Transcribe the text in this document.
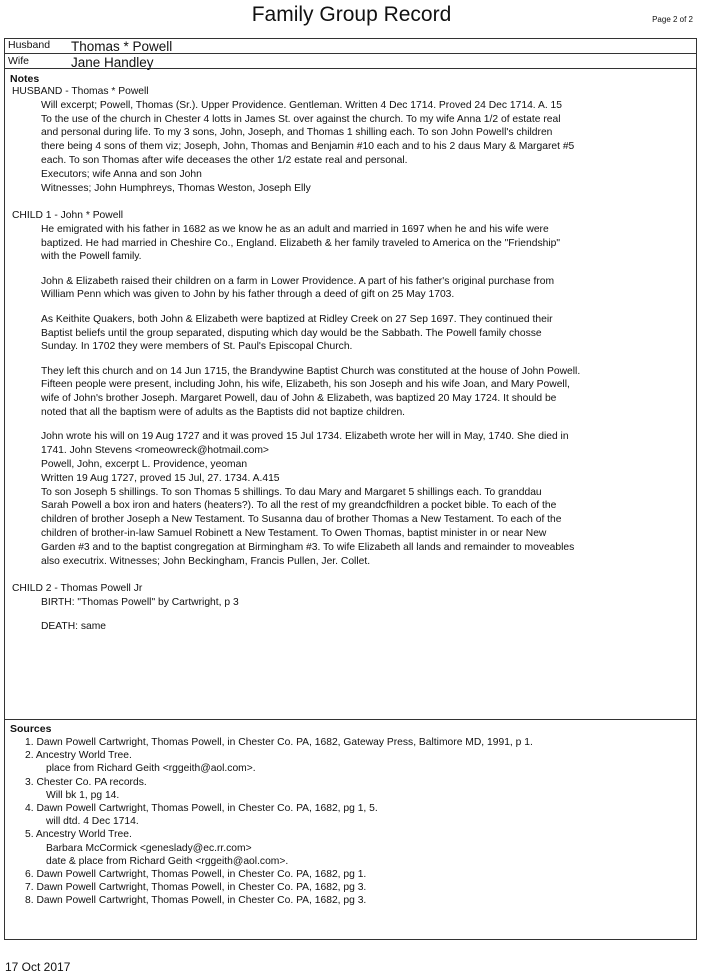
Family Group Record	Page 2 of 2
Husband Thomas * Powell
Wife	Jane Handley
Notes
HUSBAND - Thomas * Powell
Will excerpt; Powell, Thomas (Sr.). Upper Providence. Gentleman. Written 4 Dec 1714. Proved 24 Dec 1714. A. 15
To the use of the church in Chester 4 lotts in James St. over against the church. To my wife Anna 1/2 of estate real
and personal during life. To my 3 sons, John, Joseph, and Thomas 1 shilling each. To son John Powell's children
there being 4 sons of them viz; Joseph, John, Thomas and Benjamin #10 each and to his 2 daus Mary & Margaret #5
each. To son Thomas after wife deceases the other 1/2 estate real and personal.
Executors; wife Anna and son John
Witnesses; John Humphreys, Thomas Weston, Joseph Elly
CHILD 1 - John * Powell
He emigrated with his father in 1682 as we know he as an adult and married in 1697 when he and his wife were
baptized. He had married in Cheshire Co., England. Elizabeth & her family traveled to America on the "Friendship"
with the Powell family.
John & Elizabeth raised their children on a farm in Lower Providence. A part of his father's original purchase from
William Penn which was given to John by his father through a deed of gift on 25 May 1703.
As Keithite Quakers, both John & Elizabeth were baptized at Ridley Creek on 27 Sep 1697. They continued their
Baptist beliefs until the group separated, disputing which day would be the Sabbath. The Powell family chosse
Sunday. In 1702 they were members of St. Paul's Episcopal Church.
They left this church and on 14 Jun 1715, the Brandywine Baptist Church was constituted at the house of John Powell.
Fifteen people were present, including John, his wife, Elizabeth, his son Joseph and his wife Joan, and Mary Powell,
wife of John's brother Joseph. Margaret Powell, dau of John & Elizabeth, was baptized 20 May 1724. It should be
noted that all the baptism were of adults as the Baptists did not baptize children.
John wrote his will on 19 Aug 1727 and it was proved 15 Jul 1734. Elizabeth wrote her will in May, 1740. She died in
1741. John Stevens <romeowreck@hotmail.com>
Powell, John, excerpt L. Providence, yeoman
Written 19 Aug 1727, proved 15 Jul, 27. 1734. A.415
To son Joseph 5 shillings. To son Thomas 5 shillings. To dau Mary and Margaret 5 shillings each. To granddau
Sarah Powell a box iron and haters (heaters?). To all the rest of my greandcfhildren a pocket bible. To each of the
children of brother Joseph a New Testament. To Susanna dau of brother Thomas a New Testament. To each of the
children of brother-in-law Samuel Robinett a New Testament. To Owen Thomas, baptist minister in or near New
Garden #3 and to the baptist congregation at Birmingham #3. To wife Elizabeth all lands and remainder to moveables
also executrix. Witnesses; John Beckingham, Francis Pullen, Jer. Collet.
CHILD 2 - Thomas Powell Jr
BIRTH: "Thomas Powell" by Cartwright, p 3
DEATH: same
Sources
1. Dawn Powell Cartwright, Thomas Powell, in Chester Co. PA, 1682, Gateway Press, Baltimore MD, 1991, p 1.
2. Ancestry World Tree.
place from Richard Geith <rggeith@aol.com>.
3. Chester Co. PA records.
Will bk 1, pg 14.
4. Dawn Powell Cartwright, Thomas Powell, in Chester Co. PA, 1682, pg 1, 5.
will dtd. 4 Dec 1714.
5. Ancestry World Tree.
Barbara McCormick <geneslady@ec.rr.com>
date & place from Richard Geith <rggeith@aol.com>.
6. Dawn Powell Cartwright, Thomas Powell, in Chester Co. PA, 1682, pg 1.
7. Dawn Powell Cartwright, Thomas Powell, in Chester Co. PA, 1682, pg 3.
8. Dawn Powell Cartwright, Thomas Powell, in Chester Co. PA, 1682, pg 3.
17 Oct 2017
